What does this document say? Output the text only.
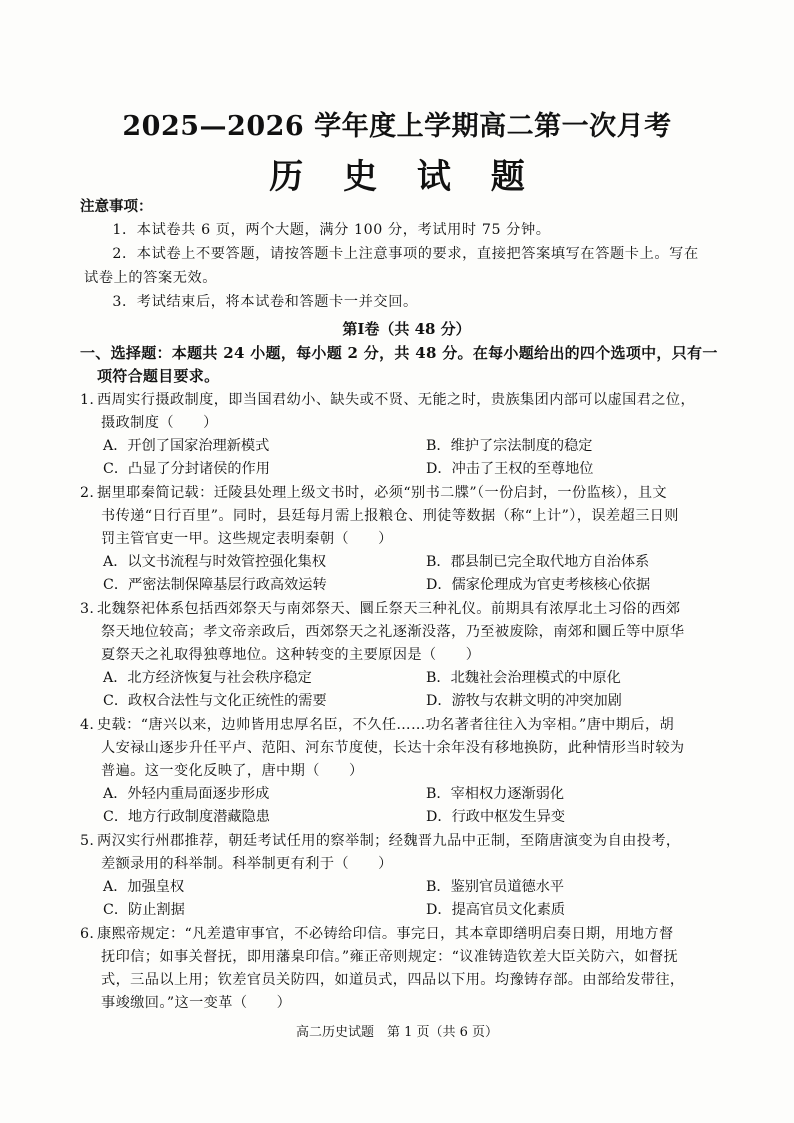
2025—2026 学年度上学期高二第一次月考
历 史 试 题
注意事项：

1．本试卷共 6 页，两个大题，满分 100 分，考试用时 75 分钟。

2．本试卷上不要答题，请按答题卡上注意事项的要求，直接把答案填写在答题卡上。写在

试卷上的答案无效。

3．考试结束后，将本试卷和答题卡一并交回。

第Ⅰ卷（共 48 分）
一、选择题：本题共 24 小题，每小题 2 分，共 48 分。在每小题给出的四个选项中，只有一
项符合题目要求。
1. 西周实行摄政制度，即当国君幼小、缺失或不贤、无能之时，贵族集团内部可以虚国君之位，
摄政制度（　　）
A．开创了国家治理新模式	B．维护了宗法制度的稳定
C．凸显了分封诸侯的作用	D．冲击了王权的至尊地位
2. 据里耶秦简记载：迁陵县处理上级文书时，必须“别书二牒”（一份启封，一份监核），且文
书传递“日行百里”。同时，县廷每月需上报粮仓、刑徒等数据（称“上计”），误差超三日则
罚主管官吏一甲。这些规定表明秦朝（　　）
A．以文书流程与时效管控强化集权	B．郡县制已完全取代地方自治体系
C．严密法制保障基层行政高效运转	D．儒家伦理成为官吏考核核心依据
3. 北魏祭祀体系包括西郊祭天与南郊祭天、圜丘祭天三种礼仪。前期具有浓厚北土习俗的西郊
祭天地位较高；孝文帝亲政后，西郊祭天之礼逐渐没落，乃至被废除，南郊和圜丘等中原华
夏祭天之礼取得独尊地位。这种转变的主要原因是（　　）
A．北方经济恢复与社会秩序稳定	B．北魏社会治理模式的中原化
C．政权合法性与文化正统性的需要	D．游牧与农耕文明的冲突加剧
4. 史载：“唐兴以来，边帅皆用忠厚名臣，不久任……功名著者往往入为宰相。”唐中期后，胡
人安禄山逐步升任平卢、范阳、河东节度使，长达十余年没有移地换防，此种情形当时较为
普遍。这一变化反映了，唐中期（　　）
A．外轻内重局面逐步形成	B．宰相权力逐渐弱化
C．地方行政制度潜藏隐患	D．行政中枢发生异变
5. 两汉实行州郡推荐，朝廷考试任用的察举制；经魏晋九品中正制，至隋唐演变为自由投考，
差额录用的科举制。科举制更有利于（　　）
A．加强皇权	B．鉴别官员道德水平
C．防止割据	D．提高官员文化素质
6. 康熙帝规定：“凡差遣审事官，不必铸给印信。事完日，其本章即缮明启奏日期，用地方督
抚印信；如事关督抚，即用藩臬印信。”雍正帝则规定：“议准铸造钦差大臣关防六，如督抚
式，三品以上用；钦差官员关防四，如道员式，四品以下用。均豫铸存部。由部给发带往，
事竣缴回。”这一变革（　　）
高二历史试题　第 1 页（共 6 页）
